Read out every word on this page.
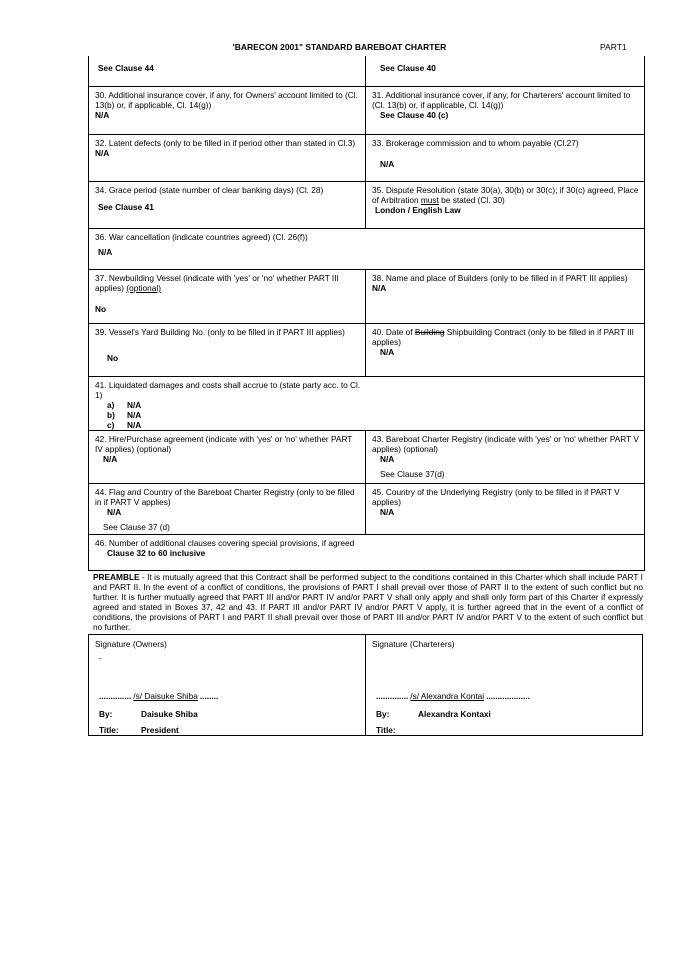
'BARECON 2001" STANDARD BAREBOAT CHARTER	PART1
See Clause 44	See Clause 40
30. Additional insurance cover, if any, for Owners' account limited to (Cl. 13(b) or, if applicable, Cl. 14(g))
N/A
31. Additional insurance cover, if any, for Charterers' account limited to (Cl. 13(b) or, if applicable, Cl. 14(g))
See Clause 40 (c)
32. Latent defects (only to be filled in if period other than stated in Cl.3)
N/A
33. Brokerage commission and to whom payable (Cl.27)
N/A
34. Grace period (state number of clear banking days) (Cl. 28)
See Clause 41
35. Dispute Resolution (state 30(a), 30(b) or 30(c); if 30(c) agreed, Place of Arbitration must be stated (Cl. 30)
London / English Law
36. War cancellation (indicate countries agreed) (Cl. 26(f))
N/A
37. Newbuilding Vessel (indicate with 'yes' or 'no' whether PART III applies) (optional)
No
38. Name and place of Builders (only to be filled in if PART III applies)
N/A
39. Vessel's Yard Building No. (only to be filled in if PART III applies)
No
40. Date of Building Shipbuilding Contract (only to be filled in if PART III applies)
N/A
41. Liquidated damages and costs shall accrue to (state party acc. to Cl. 1)
a) N/A
b) N/A
c) N/A
42. Hire/Purchase agreement (indicate with 'yes' or 'no' whether PART IV applies) (optional)
N/A
43. Bareboat Charter Registry (indicate with 'yes' or 'no' whether PART V applies) (optional)
N/A
See Clause 37(d)
44. Flag and Country of the Bareboat Charter Registry (only to be filled in if PART V applies)
N/A
See Clause 37 (d)
45. Country of the Underlying Registry (only to be filled in if PART V applies)
N/A
46. Number of additional clauses covering special provisions, if agreed
Clause 32 to 60 inclusive
PREAMBLE - It is mutually agreed that this Contract shall be performed subject to the conditions contained in this Charter which shall include PART I and PART II. In the event of a conflict of conditions, the provisions of PART I shall prevail over those of PART II to the extent of such conflict but no further. It is further mutually agreed that PART III and/or PART IV and/or PART V shall only apply and shall only form part of this Charter if expressly agreed and stated in Boxes 37, 42 and 43. If PART III and/or PART IV and/or PART V apply, it is further agreed that in the event of a conflict of conditions, the provisions of PART I and PART II shall prevail over those of PART III and/or PART IV and/or PART V to the extent of such conflict but no further.
Signature (Owners)
-
.............. /s/ Daisuke Shiba ........
By:	Daisuke Shiba
Title:	President
Signature (Charterers)
.............. /s/ Alexandra Kontai ...................
By:	Alexandra Kontaxi
Title:
